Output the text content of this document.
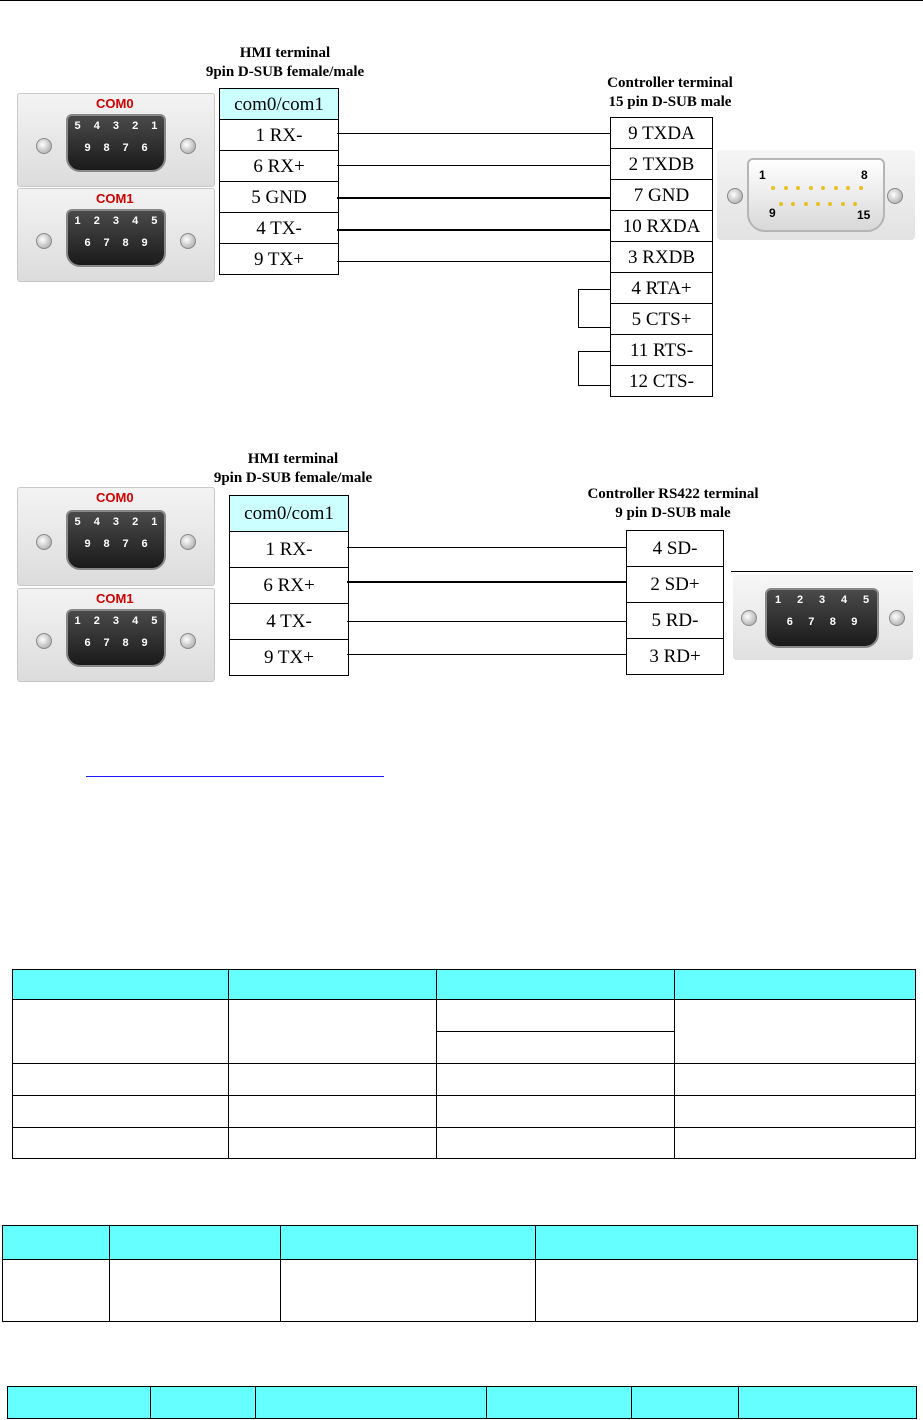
HMI terminal
9pin D-SUB female/male
Controller terminal
15 pin D-SUB male
COM0
5 4 3 2 1
9 8 7 6
COM1
1 2 3 4 5
6 7 8 9
com0/com1
1 RX-
6 RX+
5 GND
4 TX-
9 TX+
9 TXDA
2 TXDB
7 GND
10 RXDA
3 RXDB
4 RTA+
5 CTS+
11 RTS-
12 CTS-
1	8
9	15
HMI terminal
9pin D-SUB female/male
Controller RS422 terminal
9 pin D-SUB male
COM0
5 4 3 2 1
9 8 7 6
COM1
1 2 3 4 5
6 7 8 9
com0/com1
1 RX-
6 RX+
4 TX-
9 TX+
4 SD-
2 SD+
5 RD-
3 RD+
1 2 3 4 5
6 7 8 9
